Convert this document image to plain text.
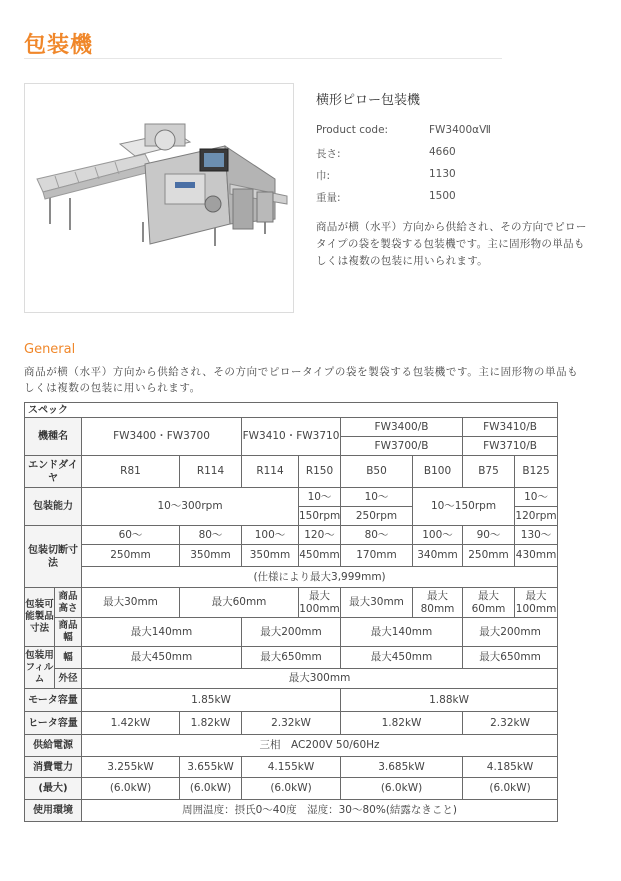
包装機
横形ピロー包装機
Product code:	FW3400αⅦ
長さ:	4660
巾:	1130
重量:	1500
商品が横（水平）方向から供給され、その方向でピロータイプの袋を製袋する包装機です。主に固形物の単品もしくは複数の包装に用いられます。
General
商品が横（水平）方向から供給され、その方向でピロータイプの袋を製袋する包装機です。主に固形物の単品もしくは複数の包装に用いられます。
スペック									
機種名		FW3400・FW3700		FW3410・FW3710		FW3400/B		FW3410/B	
						FW3700/B		FW3710/B	
エンドダイヤ		R81	R114	R114	R150	B50	B100	B75	B125
包装能力		10～300rpm			10～	10～	10～150rpm		10～
					150rpm	250rpm			120rpm
包装切断寸法		60～	80～	100～	120～	80～	100～	90～	130～
		250mm	350mm	350mm	450mm	170mm	340mm	250mm	430mm
		(仕様により最大3,999mm)							
包装可能製品寸法	商品高さ	最大30mm	最大60mm		最大100mm	最大30mm	最大80mm	最大60mm	最大100mm
	商品幅	最大140mm		最大200mm		最大140mm		最大200mm	
包装用フィルム	幅	最大450mm		最大650mm		最大450mm		最大650mm	
	外径	最大300mm							
モータ容量		1.85kW				1.88kW			
ヒータ容量		1.42kW	1.82kW	2.32kW		1.82kW		2.32kW	
供給電源		三相　AC200V 50/60Hz							
消費電力		3.255kW	3.655kW	4.155kW		3.685kW		4.185kW	
(最大)		(6.0kW)	(6.0kW)	(6.0kW)		(6.0kW)		(6.0kW)	
使用環境		周囲温度：摂氏0～40度　湿度：30～80%(結露なきこと)							
